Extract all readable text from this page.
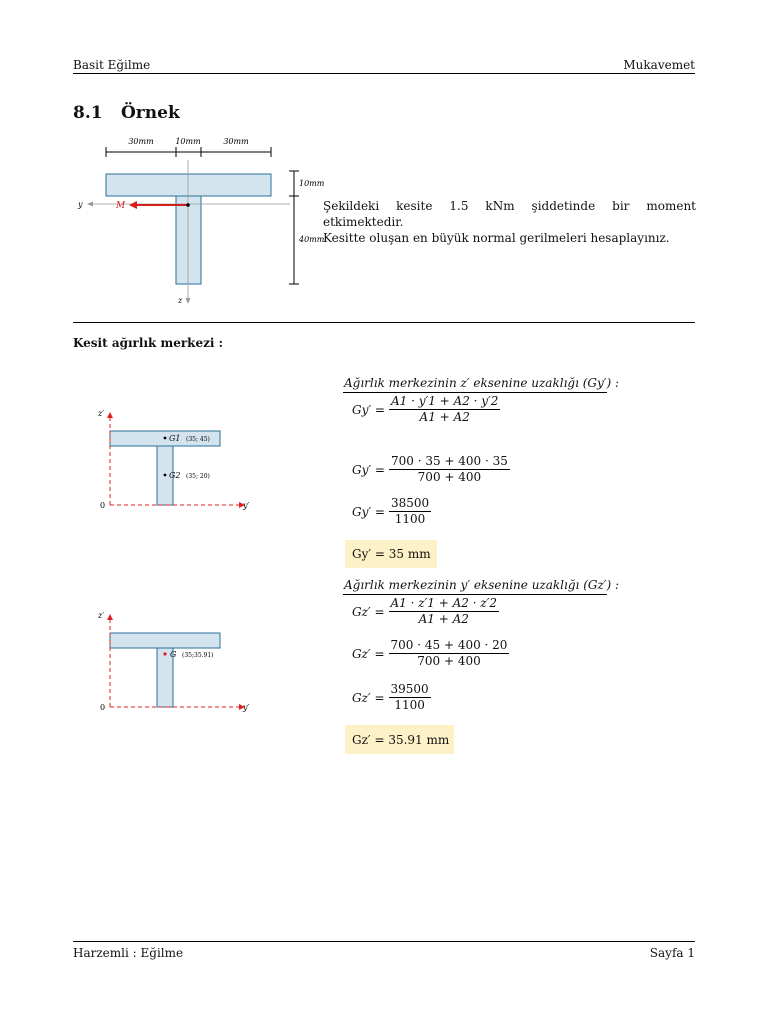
Basit Eğilme	Mukavemet
8.1 Örnek
30mm	10mm	30mm
y
z
M
10mm
40mm
Şekildeki kesite 1.5 kNm şiddetinde bir moment etkimektedir.
Kesitte oluşan en büyük normal gerilmeleri hesaplayınız.
Kesit ağırlık merkezi :
z′
y′
0
G1 (35; 45)
G2 (35; 20)
z′
y′
0
G (35;35.91)
Ağırlık merkezinin z′ eksenine uzaklığı (Gy′) :
$Gy' = \frac{A1 \cdot y'1 + A2 \cdot y'2}{A1 + A2}$
$Gy' = \frac{700 \cdot 35 + 400 \cdot 35}{700 + 400}$
$Gy' = \frac{38500}{1100}$
Gy′ = 35 mm
Ağırlık merkezinin y′ eksenine uzaklığı (Gz′) :
$Gz' = \frac{A1 \cdot z'1 + A2 \cdot z'2}{A1 + A2}$
$Gz' = \frac{700 \cdot 45 + 400 \cdot 20}{700 + 400}$
$Gz' = \frac{39500}{1100}$
Gz′ = 35.91 mm
Harzemli : Eğilme	Sayfa 1
